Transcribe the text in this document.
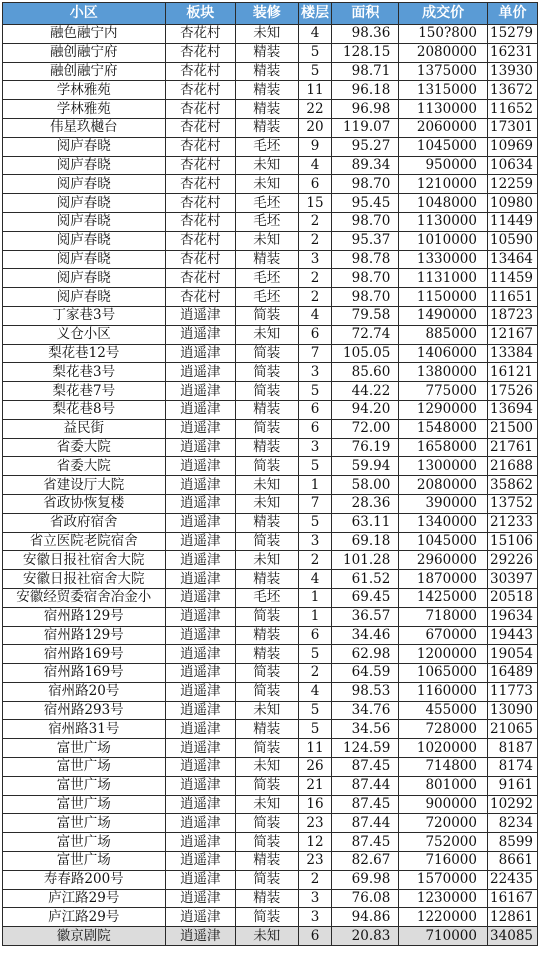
小区	板块	装修	楼层	面积	成交价	单价
融色融宁内	杏花村	未知	4	98.36	150?800	15279
融创融宁府	杏花村	精装	5	128.15	2080000	16231
融创融宁府	杏花村	精装	5	98.71	1375000	13930
学林雅苑	杏花村	精装	11	96.18	1315000	13672
学林雅苑	杏花村	精装	22	96.98	1130000	11652
伟星玖樾台	杏花村	精装	20	119.07	2060000	17301
阅庐春晓	杏花村	毛坯	9	95.27	1045000	10969
阅庐春晓	杏花村	未知	4	89.34	950000	10634
阅庐春晓	杏花村	未知	6	98.70	1210000	12259
阅庐春晓	杏花村	毛坯	15	95.45	1048000	10980
阅庐春晓	杏花村	毛坯	2	98.70	1130000	11449
阅庐春晓	杏花村	未知	2	95.37	1010000	10590
阅庐春晓	杏花村	精装	3	98.78	1330000	13464
阅庐春晓	杏花村	毛坯	2	98.70	1131000	11459
阅庐春晓	杏花村	毛坯	2	98.70	1150000	11651
丁家巷3号	逍遥津	简装	4	79.58	1490000	18723
义仓小区	逍遥津	未知	6	72.74	885000	12167
梨花巷12号	逍遥津	简装	7	105.05	1406000	13384
梨花巷3号	逍遥津	简装	3	85.60	1380000	16121
梨花巷7号	逍遥津	简装	5	44.22	775000	17526
梨花巷8号	逍遥津	精装	6	94.20	1290000	13694
益民街	逍遥津	简装	6	72.00	1548000	21500
省委大院	逍遥津	精装	3	76.19	1658000	21761
省委大院	逍遥津	简装	5	59.94	1300000	21688
省建设厅大院	逍遥津	未知	1	58.00	2080000	35862
省政协恢复楼	逍遥津	未知	7	28.36	390000	13752
省政府宿舍	逍遥津	精装	5	63.11	1340000	21233
省立医院老院宿舍	逍遥津	简装	3	69.18	1045000	15106
安徽日报社宿舍大院	逍遥津	未知	2	101.28	2960000	29226
安徽日报社宿舍大院	逍遥津	精装	4	61.52	1870000	30397
安徽经贸委宿舍冶金小	逍遥津	毛坯	1	69.45	1425000	20518
宿州路129号	逍遥津	简装	1	36.57	718000	19634
宿州路129号	逍遥津	精装	6	34.46	670000	19443
宿州路169号	逍遥津	精装	5	62.98	1200000	19054
宿州路169号	逍遥津	简装	2	64.59	1065000	16489
宿州路20号	逍遥津	简装	4	98.53	1160000	11773
宿州路293号	逍遥津	未知	5	34.76	455000	13090
宿州路31号	逍遥津	精装	5	34.56	728000	21065
富世广场	逍遥津	简装	11	124.59	1020000	8187
富世广场	逍遥津	未知	26	87.45	714800	8174
富世广场	逍遥津	简装	21	87.44	801000	9161
富世广场	逍遥津	未知	16	87.45	900000	10292
富世广场	逍遥津	简装	23	87.44	720000	8234
富世广场	逍遥津	简装	12	87.45	752000	8599
富世广场	逍遥津	精装	23	82.67	716000	8661
寿春路200号	逍遥津	简装	2	69.98	1570000	22435
庐江路29号	逍遥津	精装	3	76.08	1230000	16167
庐江路29号	逍遥津	简装	3	94.86	1220000	12861
徽京剧院	逍遥津	未知	6	20.83	710000	34085
